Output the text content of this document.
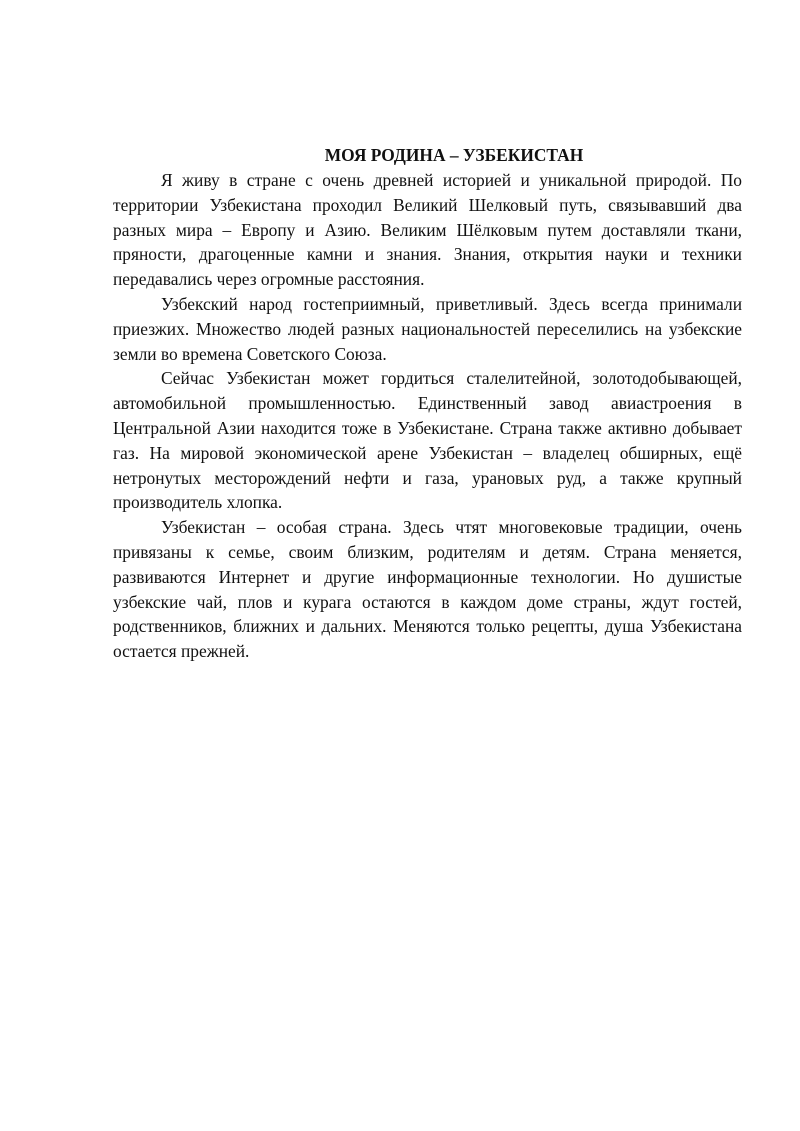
МОЯ РОДИНА – УЗБЕКИСТАН

Я живу в стране с очень древней историей и уникальной природой. По территории Узбекистана проходил Великий Шелковый путь, связывавший два разных мира – Европу и Азию. Великим Шёлковым путем доставляли ткани, пряности, драгоценные камни и знания. Знания, открытия науки и техники передавались через огромные расстояния.

Узбекский народ гостеприимный, приветливый. Здесь всегда принимали приезжих. Множество людей разных национальностей переселились на узбекские земли во времена Советского Союза.

Сейчас Узбекистан может гордиться сталелитейной, золотодобывающей, автомобильной промышленностью. Единственный завод авиастроения в Центральной Азии находится тоже в Узбекистане. Страна также активно добывает газ. На мировой экономической арене Узбекистан – владелец обширных, ещё нетронутых месторождений нефти и газа, урановых руд, а также крупный производитель хлопка.

Узбекистан – особая страна. Здесь чтят многовековые традиции, очень привязаны к семье, своим близким, родителям и детям. Страна меняется, развиваются Интернет и другие информационные технологии. Но душистые узбекские чай, плов и курага остаются в каждом доме страны, ждут гостей, родственников, ближних и дальних. Меняются только рецепты, душа Узбекистана остается прежней.
